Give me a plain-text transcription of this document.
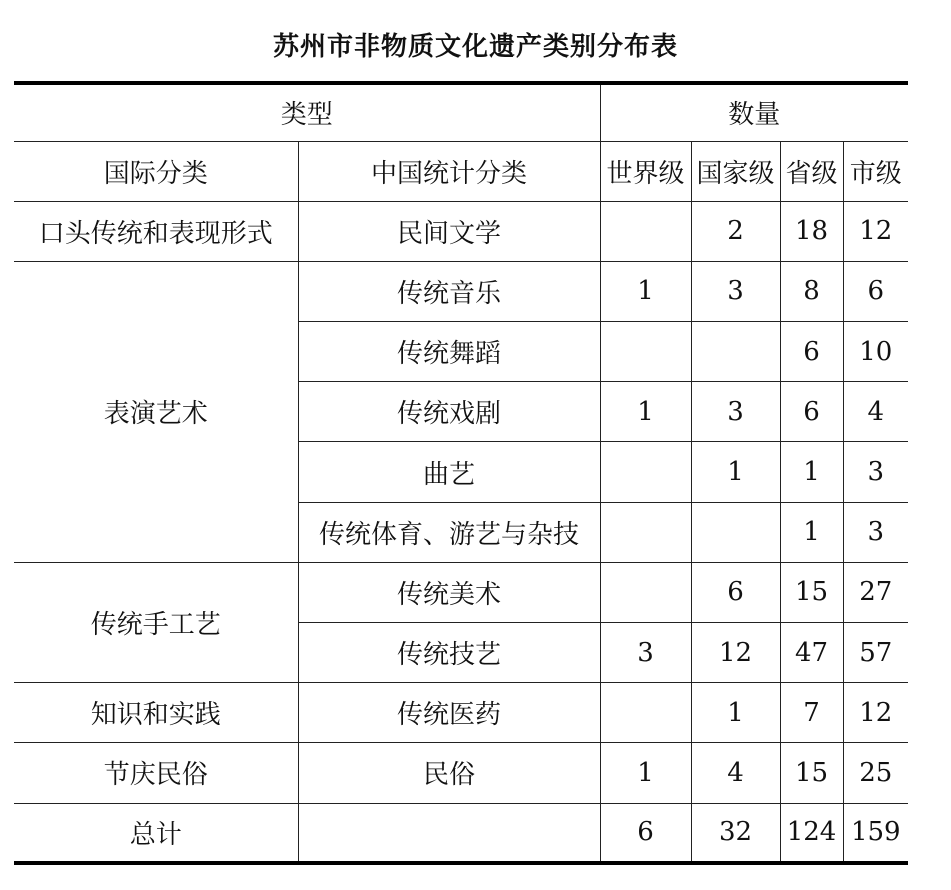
苏州市非物质文化遗产类别分布表
类型		数量			
国际分类	中国统计分类	世界级	国家级	省级	市级
口头传统和表现形式	民间文学		2	18	12
表演艺术	传统音乐	1	3	8	6
	传统舞蹈			6	10
	传统戏剧	1	3	6	4
	曲艺		1	1	3
	传统体育、游艺与杂技			1	3
传统手工艺	传统美术		6	15	27
	传统技艺	3	12	47	57
知识和实践	传统医药		1	7	12
节庆民俗	民俗	1	4	15	25
总计		6	32	124	159
